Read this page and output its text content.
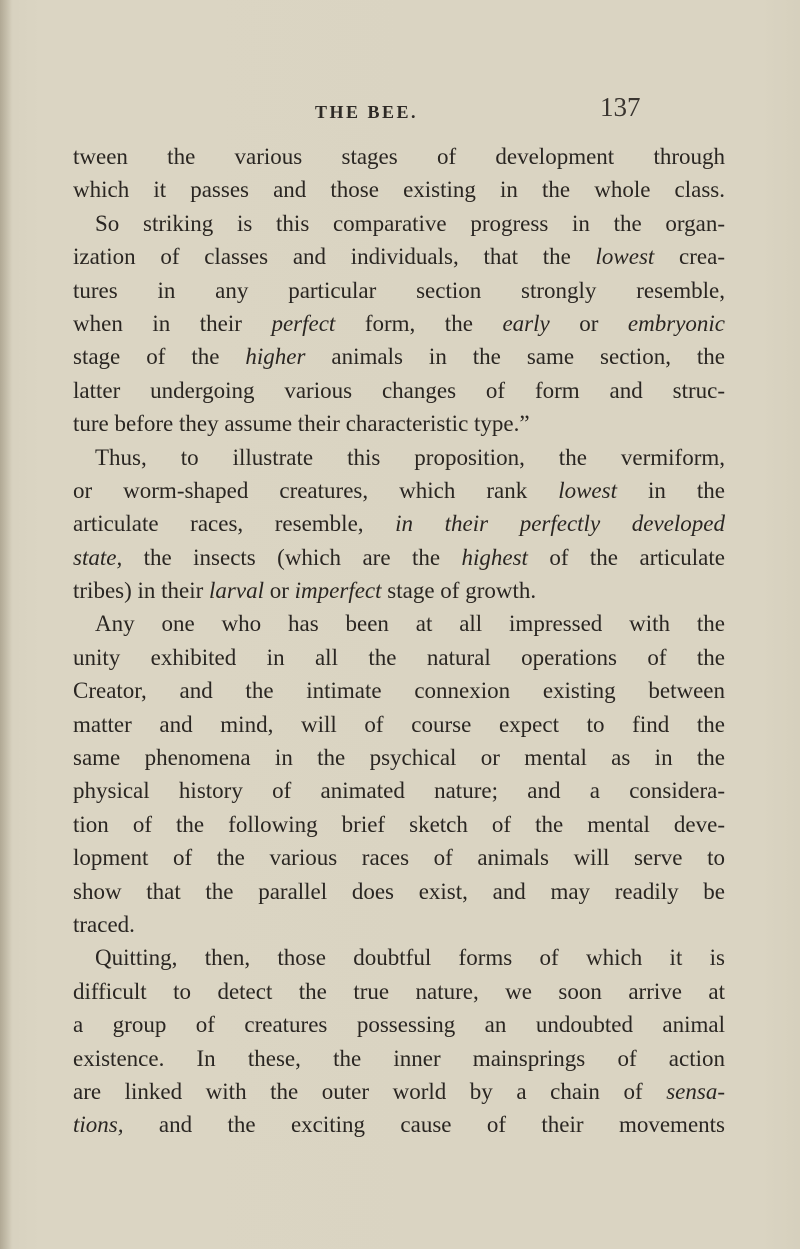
THE BEE.	137
tween the various stages of development through
which it passes and those existing in the whole class.
So striking is this comparative progress in the organ-
ization of classes and individuals, that the lowest crea-
tures in any particular section strongly resemble,
when in their perfect form, the early or embryonic
stage of the higher animals in the same section, the
latter undergoing various changes of form and struc-
ture before they assume their characteristic type.”
Thus, to illustrate this proposition, the vermiform,
or worm-shaped creatures, which rank lowest in the
articulate races, resemble, in their perfectly developed
state, the insects (which are the highest of the articulate
tribes) in their larval or imperfect stage of growth.
Any one who has been at all impressed with the
unity exhibited in all the natural operations of the
Creator, and the intimate connexion existing between
matter and mind, will of course expect to find the
same phenomena in the psychical or mental as in the
physical history of animated nature; and a considera-
tion of the following brief sketch of the mental deve-
lopment of the various races of animals will serve to
show that the parallel does exist, and may readily be
traced.
Quitting, then, those doubtful forms of which it is
difficult to detect the true nature, we soon arrive at
a group of creatures possessing an undoubted animal
existence. In these, the inner mainsprings of action
are linked with the outer world by a chain of sensa-
tions, and the exciting cause of their movements
